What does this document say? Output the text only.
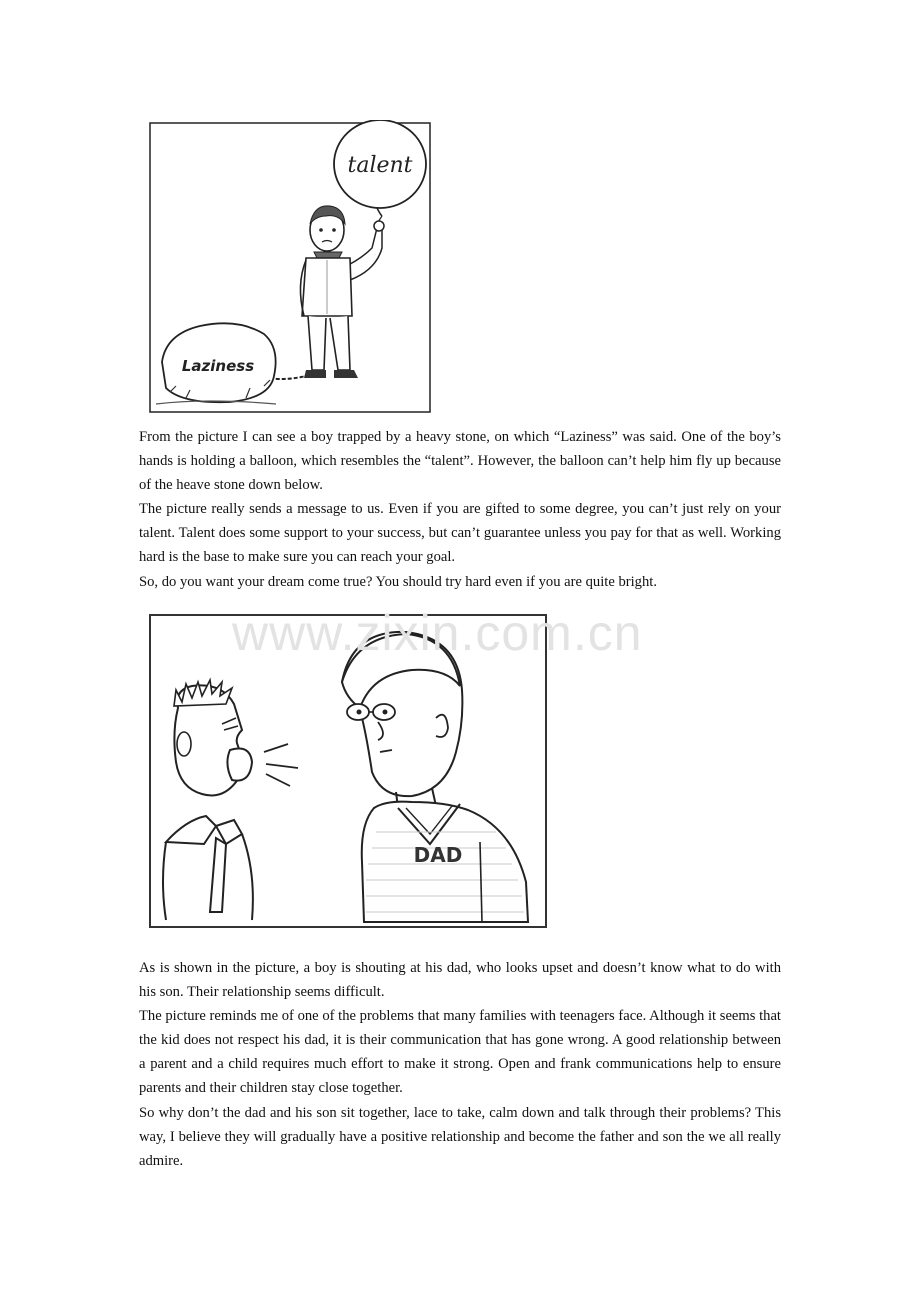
talent
Laziness

From the picture I can see a boy trapped by a heavy stone, on which “Laziness” was said. One of the boy’s hands is holding a balloon, which resembles the “talent”. However, the balloon can’t help him fly up because of the heave stone down below.

The picture really sends a message to us. Even if you are gifted to some degree, you can’t just rely on your talent. Talent does some support to your success, but can’t guarantee unless you pay for that as well. Working hard is the base to make sure you can reach your goal.

So, do you want your dream come true? You should try hard even if you are quite bright.

DAD
www.zixin.com.cn

As is shown in the picture, a boy is shouting at his dad, who looks upset and doesn’t know what to do with his son. Their relationship seems difficult.

The picture reminds me of one of the problems that many families with teenagers face. Although it seems that the kid does not respect his dad, it is their communication that has gone wrong. A good relationship between a parent and a child requires much effort to make it strong. Open and frank communications help to ensure parents and their children stay close together.

So why don’t the dad and his son sit together, lace to take, calm down and talk through their problems? This way, I believe they will gradually have a positive relationship and become the father and son the we all really admire.
